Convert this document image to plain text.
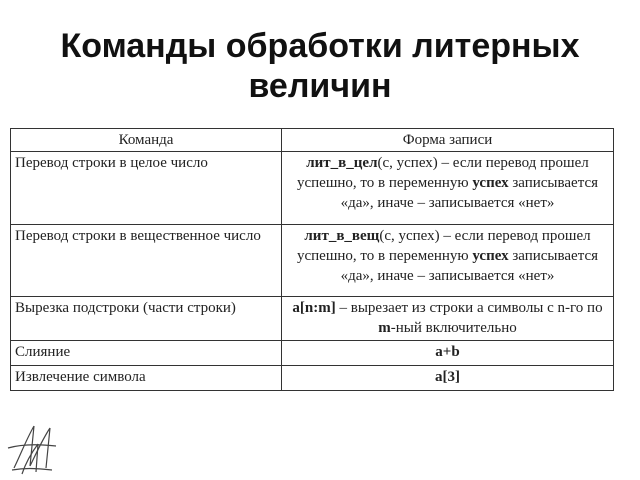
Команды обработки литерных величин
Команда	Форма записи
Перевод строки в целое число	лит_в_цел(с, успех) – если перевод прошел успешно, то в переменную успех записывается «да», иначе – записывается «нет»
Перевод строки в вещественное число	лит_в_вещ(с, успех) – если перевод прошел успешно, то в переменную успех записывается «да», иначе – записывается «нет»
Вырезка подстроки (части строки)	a[n:m] – вырезает из строки a символы с n-го по m-ный включительно
Слияние	a+b
Извлечение символа	a[3]
